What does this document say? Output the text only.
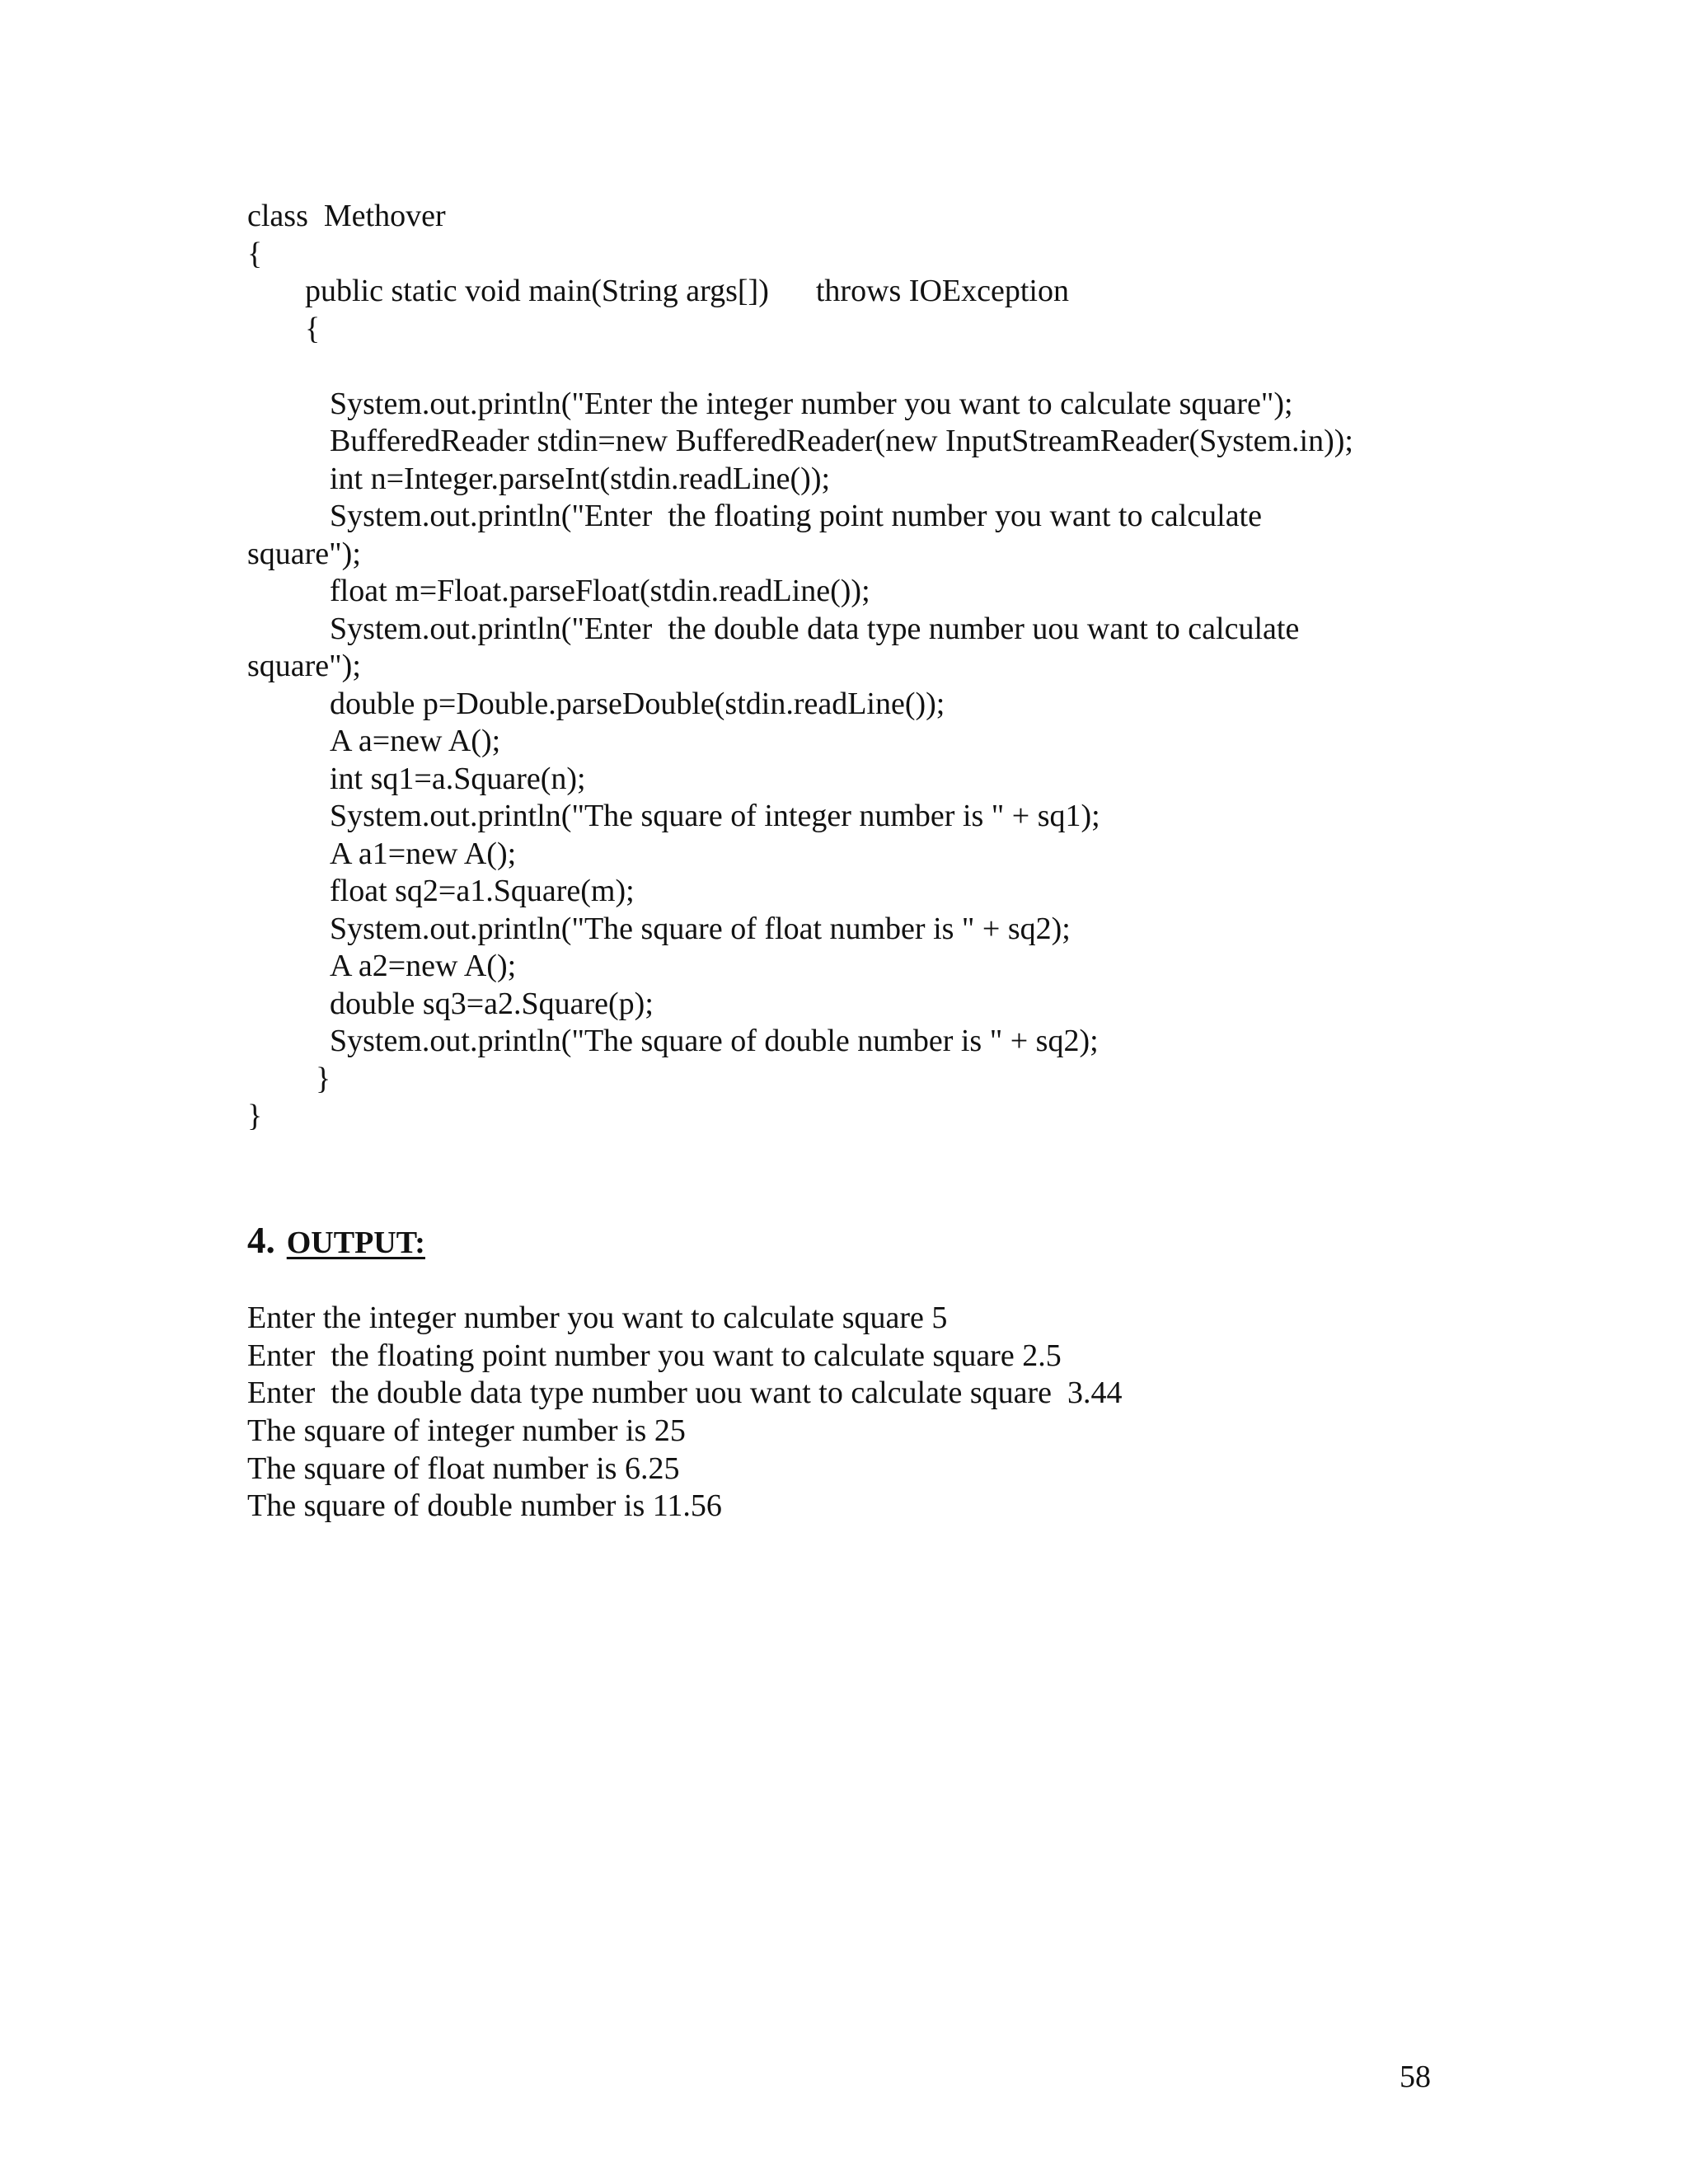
class  Methover
{
public static void main(String args[])      throws IOException
{
System.out.println("Enter the integer number you want to calculate square");
BufferedReader stdin=new BufferedReader(new InputStreamReader(System.in));
int n=Integer.parseInt(stdin.readLine());
System.out.println("Enter  the floating point number you want to calculate
square");
float m=Float.parseFloat(stdin.readLine());
System.out.println("Enter  the double data type number uou want to calculate
square");
double p=Double.parseDouble(stdin.readLine());
A a=new A();
int sq1=a.Square(n);
System.out.println("The square of integer number is " + sq1);
A a1=new A();
float sq2=a1.Square(m);
System.out.println("The square of float number is " + sq2);
A a2=new A();
double sq3=a2.Square(p);
System.out.println("The square of double number is " + sq2);
}
}
4. OUTPUT:
Enter the integer number you want to calculate square 5
Enter  the floating point number you want to calculate square 2.5
Enter  the double data type number uou want to calculate square  3.44
The square of integer number is 25
The square of float number is 6.25
The square of double number is 11.56
58
